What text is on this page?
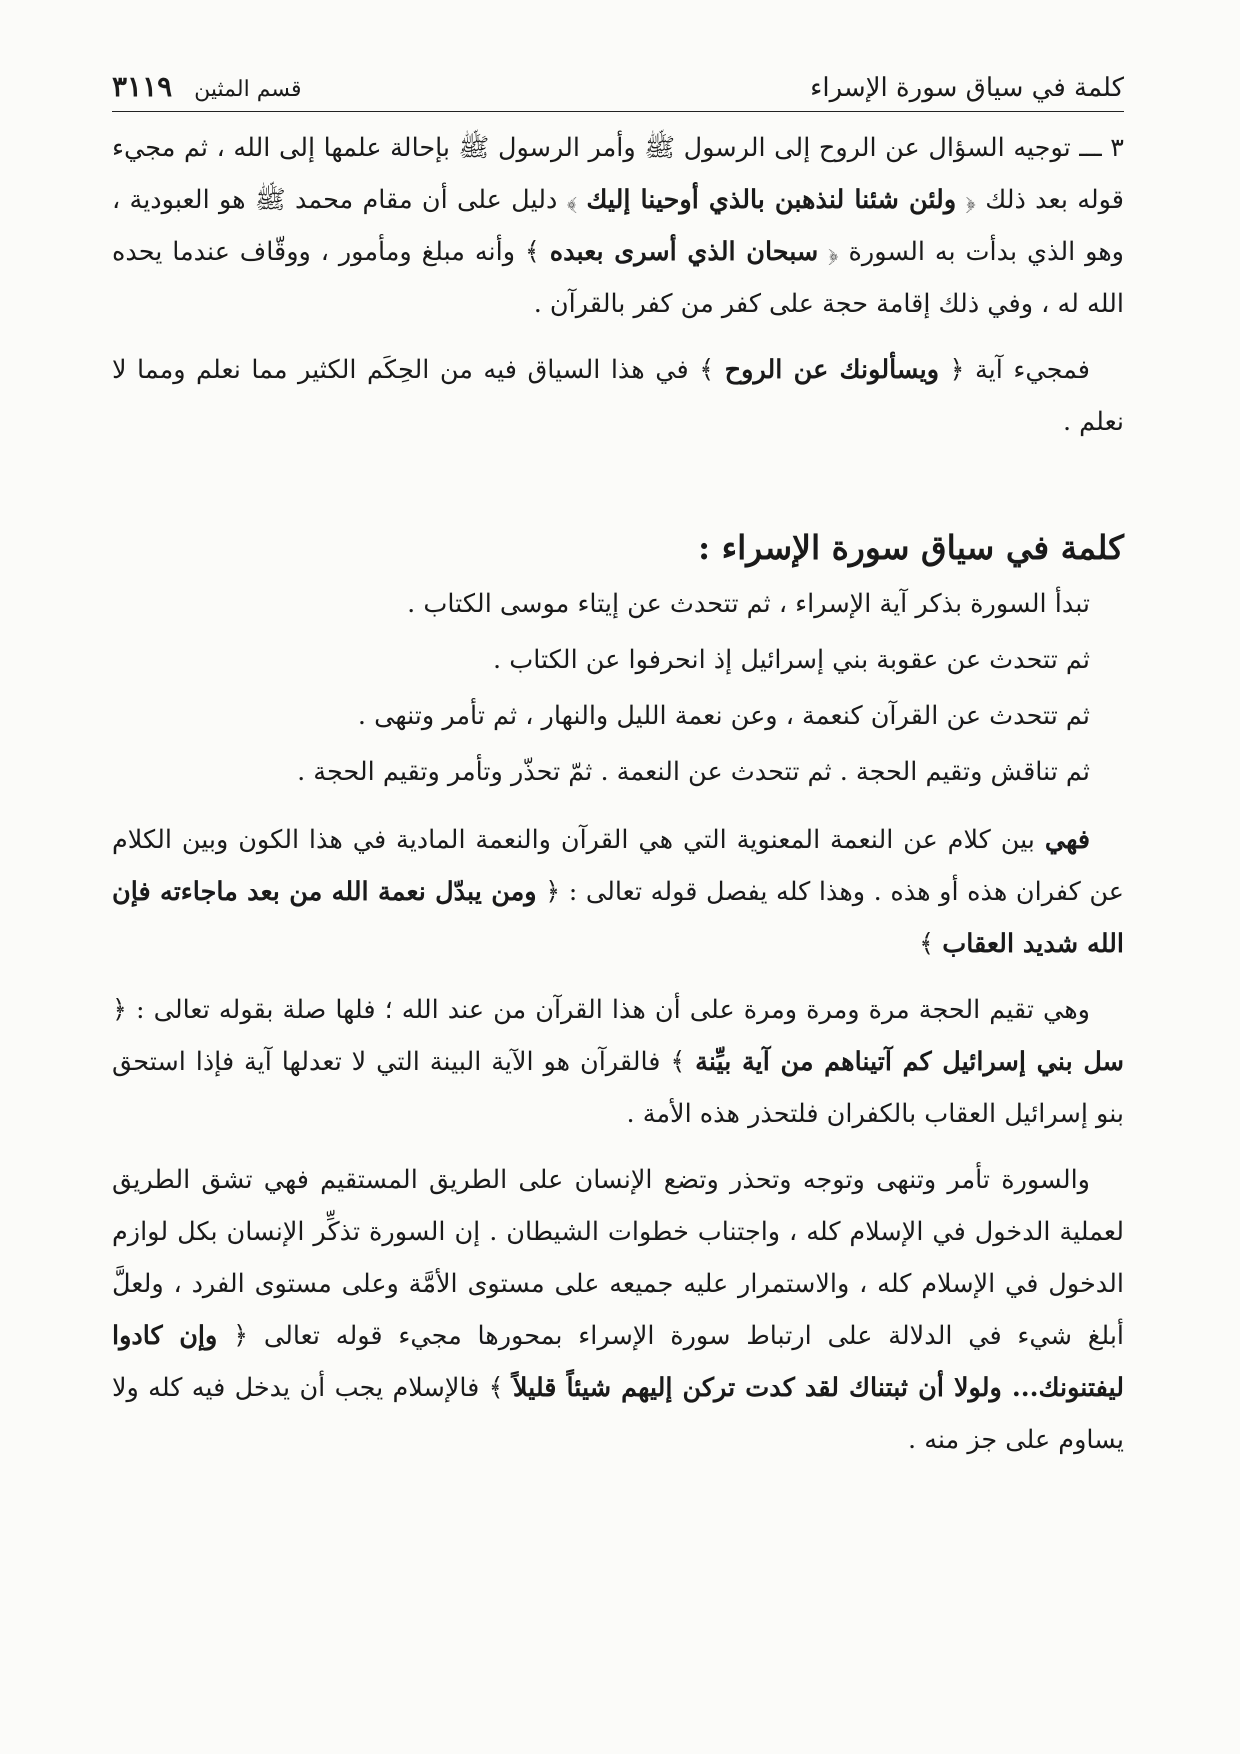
كلمة في سياق سورة الإسراء
قسم المثين
٣١١٩

٣ ـــ توجيه السؤال عن الروح إلى الرسول ﷺ وأمر الرسول ﷺ بإحالة علمها إلى الله ، ثم مجيء قوله بعد ذلك ﴿ ولئن شئنا لنذهبن بالذي أوحينا إليك ﴾ دليل على أن مقام محمد ﷺ هو العبودية ، وهو الذي بدأت به السورة ﴿ سبحان الذي أسرى بعبده ﴾ وأنه مبلغ ومأمور ، ووقّاف عندما يحده الله له ، وفي ذلك إقامة حجة على كفر من كفر بالقرآن .

فمجيء آية ﴿ ويسألونك عن الروح ﴾ في هذا السياق فيه من الحِكَم الكثير مما نعلم ومما لا نعلم .

كلمة في سياق سورة الإسراء :

تبدأ السورة بذكر آية الإسراء ، ثم تتحدث عن إيتاء موسى الكتاب .

ثم تتحدث عن عقوبة بني إسرائيل إذ انحرفوا عن الكتاب .

ثم تتحدث عن القرآن كنعمة ، وعن نعمة الليل والنهار ، ثم تأمر وتنهى .

ثم تناقش وتقيم الحجة . ثم تتحدث عن النعمة . ثمّ تحذّر وتأمر وتقيم الحجة .

فهي بين كلام عن النعمة المعنوية التي هي القرآن والنعمة المادية في هذا الكون وبين الكلام عن كفران هذه أو هذه . وهذا كله يفصل قوله تعالى : ﴿ ومن يبدّل نعمة الله من بعد ماجاءته فإن الله شديد العقاب ﴾

وهي تقيم الحجة مرة ومرة ومرة على أن هذا القرآن من عند الله ؛ فلها صلة بقوله تعالى : ﴿ سل بني إسرائيل كم آتيناهم من آية بيِّنة ﴾ فالقرآن هو الآية البينة التي لا تعدلها آية فإذا استحق بنو إسرائيل العقاب بالكفران فلتحذر هذه الأمة .

والسورة تأمر وتنهى وتوجه وتحذر وتضع الإنسان على الطريق المستقيم فهي تشق الطريق لعملية الدخول في الإسلام كله ، واجتناب خطوات الشيطان . إن السورة تذكِّر الإنسان بكل لوازم الدخول في الإسلام كله ، والاستمرار عليه جميعه على مستوى الأمَّة وعلى مستوى الفرد ، ولعلَّ أبلغ شيء في الدلالة على ارتباط سورة الإسراء بمحورها مجيء قوله تعالى ﴿ وإن كادوا ليفتنونك... ولولا أن ثبتناك لقد كدت تركن إليهم شيئاً قليلاً ﴾ فالإسلام يجب أن يدخل فيه كله ولا يساوم على جز منه .
